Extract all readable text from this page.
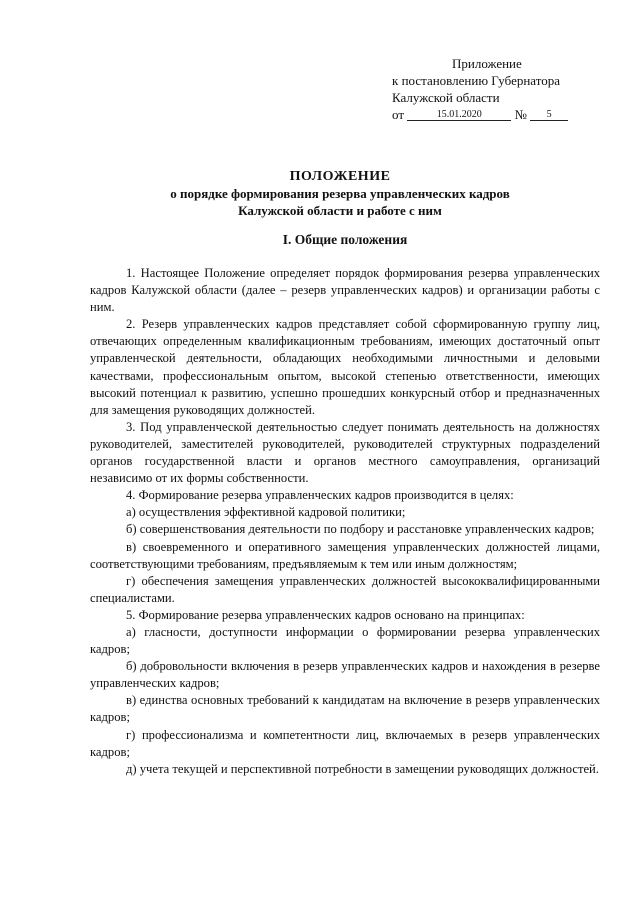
Приложение
к постановлению Губернатора
Калужской области
от	15.01.2020	№ 5
ПОЛОЖЕНИЕ
о порядке формирования резерва управленческих кадров
Калужской области и работе с ним
I. Общие положения

1. Настоящее Положение определяет порядок формирования резерва управленческих кадров Калужской области (далее – резерв управленческих кадров) и организации работы с ним.

2. Резерв управленческих кадров представляет собой сформированную группу лиц, отвечающих определенным квалификационным требованиям, имеющих достаточный опыт управленческой деятельности, обладающих необходимыми личностными и деловыми качествами, профессиональным опытом, высокой степенью ответственности, имеющих высокий потенциал к развитию, успешно прошедших конкурсный отбор и предназначенных для замещения руководящих должностей.

3. Под управленческой деятельностью следует понимать деятельность на должностях руководителей, заместителей руководителей, руководителей структурных подразделений органов государственной власти и органов местного самоуправления, организаций независимо от их формы собственности.

4. Формирование резерва управленческих кадров производится в целях:

а) осуществления эффективной кадровой политики;

б) совершенствования деятельности по подбору и расстановке управленческих кадров;

в) своевременного и оперативного замещения управленческих должностей лицами, соответствующими требованиям, предъявляемым к тем или иным должностям;

г) обеспечения замещения управленческих должностей высококвалифицированными специалистами.

5. Формирование резерва управленческих кадров основано на принципах:

а) гласности, доступности информации о формировании резерва управленческих кадров;

б) добровольности включения в резерв управленческих кадров и нахождения в резерве управленческих кадров;

в) единства основных требований к кандидатам на включение в резерв управленческих кадров;

г) профессионализма и компетентности лиц, включаемых в резерв управленческих кадров;

д) учета текущей и перспективной потребности в замещении руководящих должностей.
